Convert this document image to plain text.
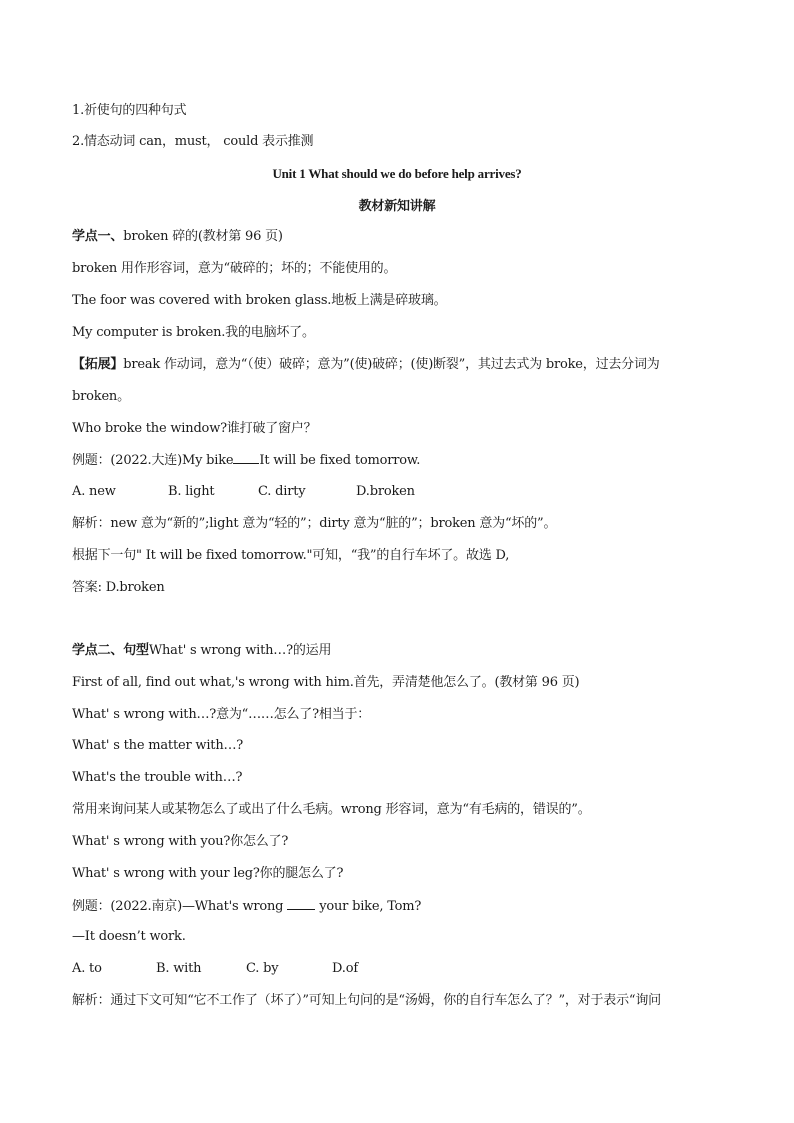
1.祈使句的四种句式
2.情态动词 can，must， could 表示推测
Unit 1 What should we do before help arrives?
教材新知讲解
学点一、broken 碎的(教材第 96 页)
broken 用作形容词，意为“破碎的；坏的；不能使用的。
The foor was covered with broken glass.地板上满是碎玻璃。
My computer is broken.我的电脑坏了。
【拓展】break 作动词，意为“（使）破碎；意为”(使)破碎；(使)断裂”，其过去式为 broke，过去分词为
broken。
Who broke the window?谁打破了窗户？
例题：(2022.大连)My bike It will be fixed tomorrow.
A. new	B. light	C. dirty	D.broken
解析：new 意为“新的”;light 意为“轻的”；dirty 意为“脏的”；broken 意为“坏的”。
根据下一句" It will be fixed tomorrow."可知，“我”的自行车坏了。故选 D,
答案: D.broken
学点二、句型What' s wrong with…?的运用
First of all, find out what,'s wrong with him.首先，弄清楚他怎么了。(教材第 96 页)
What' s wrong with…?意为“……怎么了?相当于：
What' s the matter with…?
What's the trouble with…?
常用来询问某人或某物怎么了或出了什么毛病。wrong 形容词，意为“有毛病的，错误的”。
What' s wrong with you?你怎么了?
What' s wrong with your leg?你的腿怎么了?
例题：(2022.南京)—What's wrong	your bike, Tom?
—It doesn’t work.
A. to	B. with	C. by	D.of
解析：通过下文可知“它不工作了（坏了）”可知上句问的是“汤姆，你的自行车怎么了？”，对于表示“询问
